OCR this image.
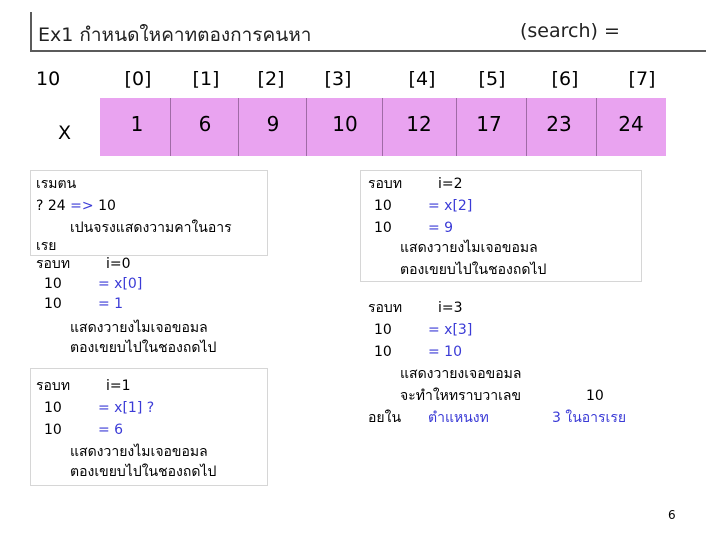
Ex1 กำหนดใหคาทตองการคนหา	(search) =
10
X
[0]	[1]	[2]	[3]	[4]	[5]	[6]	[7]
1	6	9	10	12	17	23	24
เรมตน
? 24 => 10
เปนจรงแสดงวามคาในอาร
เรย
รอบท	i=0
10	= x[0]
10	= 1
แสดงวายงไมเจอขอมล
ตองเขยบไปในชองถดไป
รอบท	i=1
10	= x[1] ?
10	= 6
แสดงวายงไมเจอขอมล
ตองเขยบไปในชองถดไป
รอบท	i=2
10	= x[2]
10	= 9
แสดงวายงไมเจอขอมล
ตองเขยบไปในชองถดไป
รอบท	i=3
10	= x[3]
10	= 10
แสดงวายงเจอขอมล
จะทำใหทราบวาเลข	10
อยใน ตำแหนงท	3 ในอารเรย
6
